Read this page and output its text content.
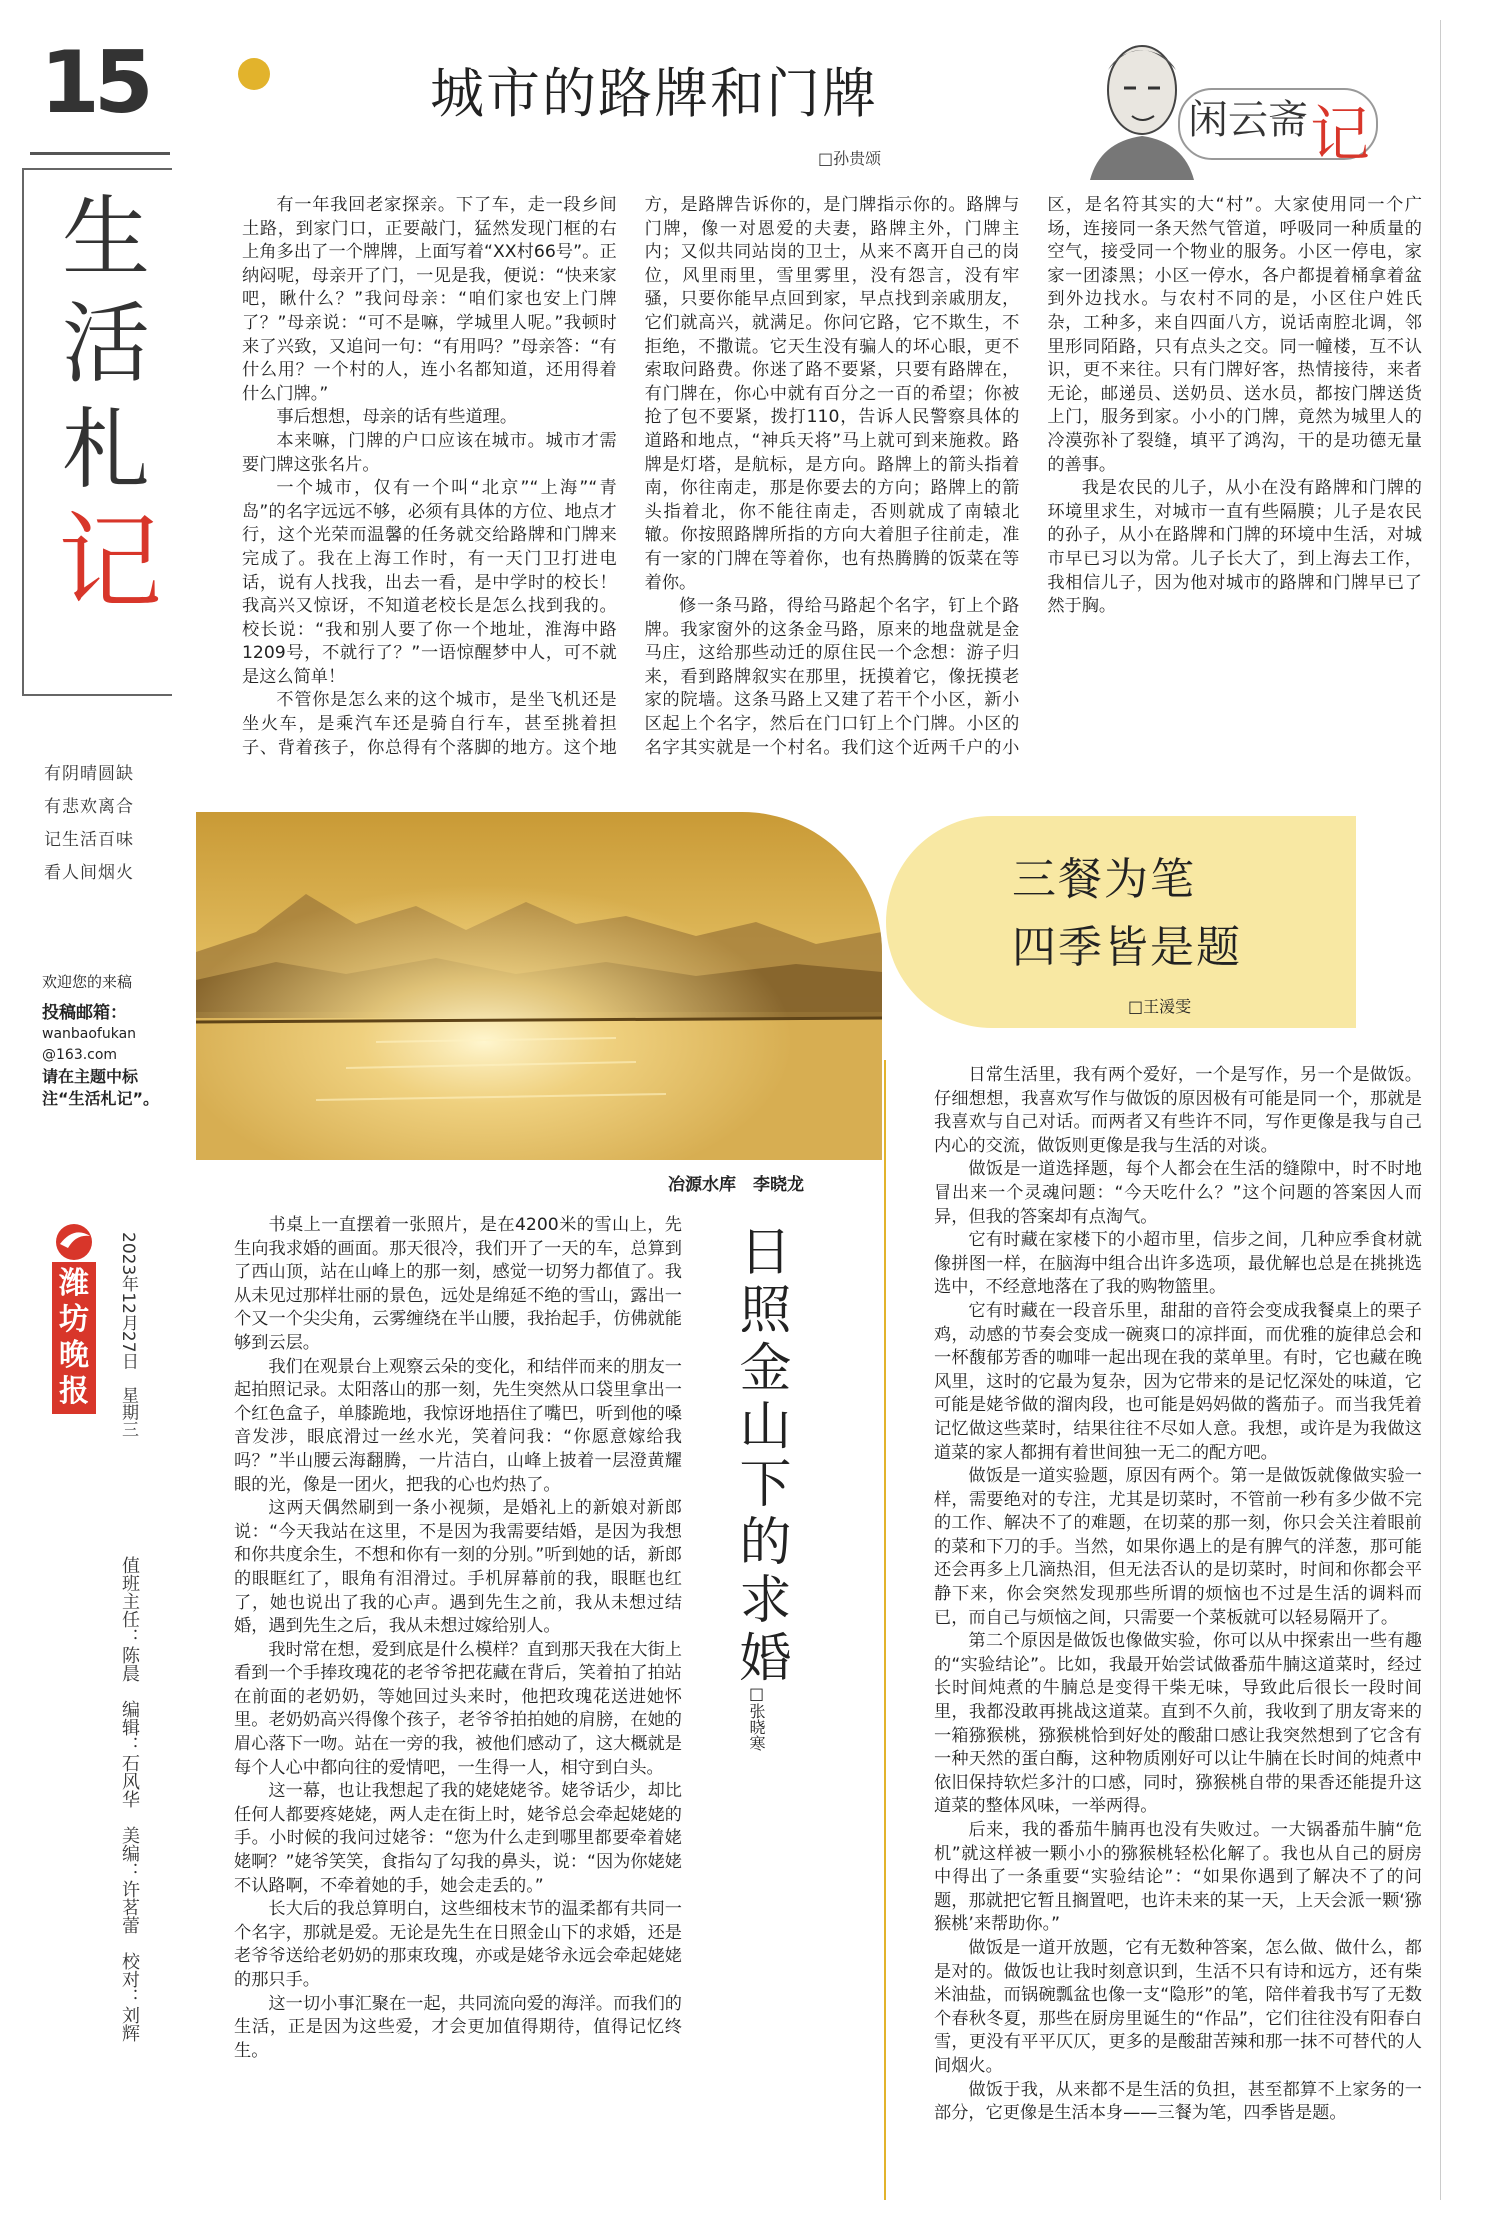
15
生
活
札
记
有阴晴圆缺
有悲欢离合
记生活百味
看人间烟火
欢迎您的来稿
投稿邮箱：
wanbaofukan
@163.com
请在主题中标注“生活札记”。
潍
坊
晚
报
2023年12月27日　星期三
值班主任：陈晨　编辑：石风华　美编：许茗蕾　校对：刘辉
城市的路牌和门牌
□孙贵颂
闲云斋 记

有一年我回老家探亲。下了车，走一段乡间土路，到家门口，正要敲门，猛然发现门框的右上角多出了一个牌牌，上面写着“XX村66号”。正纳闷呢，母亲开了门，一见是我，便说：“快来家吧，瞅什么？”我问母亲：“咱们家也安上门牌了？”母亲说：“可不是嘛，学城里人呢。”我顿时来了兴致，又追问一句：“有用吗？”母亲答：“有什么用？一个村的人，连小名都知道，还用得着什么门牌。”

事后想想，母亲的话有些道理。

本来嘛，门牌的户口应该在城市。城市才需要门牌这张名片。

一个城市，仅有一个叫“北京”“上海”“青岛”的名字远远不够，必须有具体的方位、地点才行，这个光荣而温馨的任务就交给路牌和门牌来完成了。我在上海工作时，有一天门卫打进电话，说有人找我，出去一看，是中学时的校长！我高兴又惊讶，不知道老校长是怎么找到我的。校长说：“我和别人要了你一个地址，淮海中路1209号，不就行了？”一语惊醒梦中人，可不就是这么简单！

不管你是怎么来的这个城市，是坐飞机还是坐火车，是乘汽车还是骑自行车，甚至挑着担子、背着孩子，你总得有个落脚的地方。这个地方，是路牌告诉你的，是门牌指示你的。路牌与门牌，像一对恩爱的夫妻，路牌主外，门牌主内；又似共同站岗的卫士，从来不离开自己的岗位，风里雨里，雪里雾里，没有怨言，没有牢骚，只要你能早点回到家，早点找到亲戚朋友，它们就高兴，就满足。你问它路，它不欺生，不拒绝，不撒谎。它天生没有骗人的坏心眼，更不索取问路费。你迷了路不要紧，只要有路牌在，有门牌在，你心中就有百分之一百的希望；你被抢了包不要紧，拨打110，告诉人民警察具体的道路和地点，“神兵天将”马上就可到来施救。路牌是灯塔，是航标，是方向。路牌上的箭头指着南，你往南走，那是你要去的方向；路牌上的箭头指着北，你不能往南走，否则就成了南辕北辙。你按照路牌所指的方向大着胆子往前走，准有一家的门牌在等着你，也有热腾腾的饭菜在等着你。

修一条马路，得给马路起个名字，钉上个路牌。我家窗外的这条金马路，原来的地盘就是金马庄，这给那些动迁的原住民一个念想：游子归来，看到路牌叙实在那里，抚摸着它，像抚摸老家的院墙。这条马路上又建了若干个小区，新小区起上个名字，然后在门口钉上个门牌。小区的名字其实就是一个村名。我们这个近两千户的小区，是名符其实的大“村”。大家使用同一个广场，连接同一条天然气管道，呼吸同一种质量的空气，接受同一个物业的服务。小区一停电，家家一团漆黑；小区一停水，各户都提着桶拿着盆到外边找水。与农村不同的是，小区住户姓氏杂，工种多，来自四面八方，说话南腔北调，邻里形同陌路，只有点头之交。同一幢楼，互不认识，更不来往。只有门牌好客，热情接待，来者无论，邮递员、送奶员、送水员，都按门牌送货上门，服务到家。小小的门牌，竟然为城里人的冷漠弥补了裂缝，填平了鸿沟，干的是功德无量的善事。

我是农民的儿子，从小在没有路牌和门牌的环境里求生，对城市一直有些隔膜；儿子是农民的孙子，从小在路牌和门牌的环境中生活，对城市早已习以为常。儿子长大了，到上海去工作，我相信儿子，因为他对城市的路牌和门牌早已了然于胸。

冶源水库　 李晓龙
三餐为笔
四季皆是题
□王湲雯

日常生活里，我有两个爱好，一个是写作，另一个是做饭。仔细想想，我喜欢写作与做饭的原因极有可能是同一个，那就是我喜欢与自己对话。而两者又有些许不同，写作更像是我与自己内心的交流，做饭则更像是我与生活的对谈。

做饭是一道选择题，每个人都会在生活的缝隙中，时不时地冒出来一个灵魂问题：“今天吃什么？”这个问题的答案因人而异，但我的答案却有点淘气。

它有时藏在家楼下的小超市里，信步之间，几种应季食材就像拼图一样，在脑海中组合出许多选项，最优解也总是在挑挑选选中，不经意地落在了我的购物篮里。

它有时藏在一段音乐里，甜甜的音符会变成我餐桌上的栗子鸡，动感的节奏会变成一碗爽口的凉拌面，而优雅的旋律总会和一杯馥郁芳香的咖啡一起出现在我的菜单里。有时，它也藏在晚风里，这时的它最为复杂，因为它带来的是记忆深处的味道，它可能是姥爷做的溜肉段，也可能是妈妈做的酱茄子。而当我凭着记忆做这些菜时，结果往往不尽如人意。我想，或许是为我做这道菜的家人都拥有着世间独一无二的配方吧。

做饭是一道实验题，原因有两个。第一是做饭就像做实验一样，需要绝对的专注，尤其是切菜时，不管前一秒有多少做不完的工作、解决不了的难题，在切菜的那一刻，你只会关注着眼前的菜和下刀的手。当然，如果你遇上的是有脾气的洋葱，那可能还会再多上几滴热泪，但无法否认的是切菜时，时间和你都会平静下来，你会突然发现那些所谓的烦恼也不过是生活的调料而已，而自己与烦恼之间，只需要一个菜板就可以轻易隔开了。

第二个原因是做饭也像做实验，你可以从中探索出一些有趣的“实验结论”。比如，我最开始尝试做番茄牛腩这道菜时，经过长时间炖煮的牛腩总是变得干柴无味，导致此后很长一段时间里，我都没敢再挑战这道菜。直到不久前，我收到了朋友寄来的一箱猕猴桃，猕猴桃恰到好处的酸甜口感让我突然想到了它含有一种天然的蛋白酶，这种物质刚好可以让牛腩在长时间的炖煮中依旧保持软烂多汁的口感，同时，猕猴桃自带的果香还能提升这道菜的整体风味，一举两得。

后来，我的番茄牛腩再也没有失败过。一大锅番茄牛腩“危机”就这样被一颗小小的猕猴桃轻松化解了。我也从自己的厨房中得出了一条重要“实验结论”：“如果你遇到了解决不了的问题，那就把它暂且搁置吧，也许未来的某一天，上天会派一颗‘猕猴桃’来帮助你。”

做饭是一道开放题，它有无数种答案，怎么做、做什么，都是对的。做饭也让我时刻意识到，生活不只有诗和远方，还有柴米油盐，而锅碗瓢盆也像一支“隐形”的笔，陪伴着我书写了无数个春秋冬夏，那些在厨房里诞生的“作品”，它们往往没有阳春白雪，更没有平平仄仄，更多的是酸甜苦辣和那一抹不可替代的人间烟火。

做饭于我，从来都不是生活的负担，甚至都算不上家务的一部分，它更像是生活本身——三餐为笔，四季皆是题。

书桌上一直摆着一张照片，是在4200米的雪山上，先生向我求婚的画面。那天很冷，我们开了一天的车，总算到了西山顶，站在山峰上的那一刻，感觉一切努力都值了。我从未见过那样壮丽的景色，远处是绵延不绝的雪山，露出一个又一个尖尖角，云雾缠绕在半山腰，我抬起手，仿佛就能够到云层。

我们在观景台上观察云朵的变化，和结伴而来的朋友一起拍照记录。太阳落山的那一刻，先生突然从口袋里拿出一个红色盒子，单膝跪地，我惊讶地捂住了嘴巴，听到他的嗓音发涉，眼底滑过一丝水光，笑着问我：“你愿意嫁给我吗？”半山腰云海翻腾，一片洁白，山峰上披着一层澄黄耀眼的光，像是一团火，把我的心也灼热了。

这两天偶然刷到一条小视频，是婚礼上的新娘对新郎说：“今天我站在这里，不是因为我需要结婚，是因为我想和你共度余生，不想和你有一刻的分别。”听到她的话，新郎的眼眶红了，眼角有泪滑过。手机屏幕前的我，眼眶也红了，她也说出了我的心声。遇到先生之前，我从未想过结婚，遇到先生之后，我从未想过嫁给别人。

我时常在想，爱到底是什么模样？直到那天我在大街上看到一个手捧玫瑰花的老爷爷把花藏在背后，笑着拍了拍站在前面的老奶奶，等她回过头来时，他把玫瑰花送进她怀里。老奶奶高兴得像个孩子，老爷爷拍拍她的肩膀，在她的眉心落下一吻。站在一旁的我，被他们感动了，这大概就是每个人心中都向往的爱情吧，一生得一人，相守到白头。

这一幕，也让我想起了我的姥姥姥爷。姥爷话少，却比任何人都要疼姥姥，两人走在街上时，姥爷总会牵起姥姥的手。小时候的我问过姥爷：“您为什么走到哪里都要牵着姥姥啊？”姥爷笑笑，食指勾了勾我的鼻头，说：“因为你姥姥不认路啊，不牵着她的手，她会走丢的。”

长大后的我总算明白，这些细枝末节的温柔都有共同一个名字，那就是爱。无论是先生在日照金山下的求婚，还是老爷爷送给老奶奶的那束玫瑰，亦或是姥爷永远会牵起姥姥的那只手。

这一切小事汇聚在一起，共同流向爱的海洋。而我们的生活，正是因为这些爱，才会更加值得期待，值得记忆终生。

日照金山下的求婚
□张晓寒
